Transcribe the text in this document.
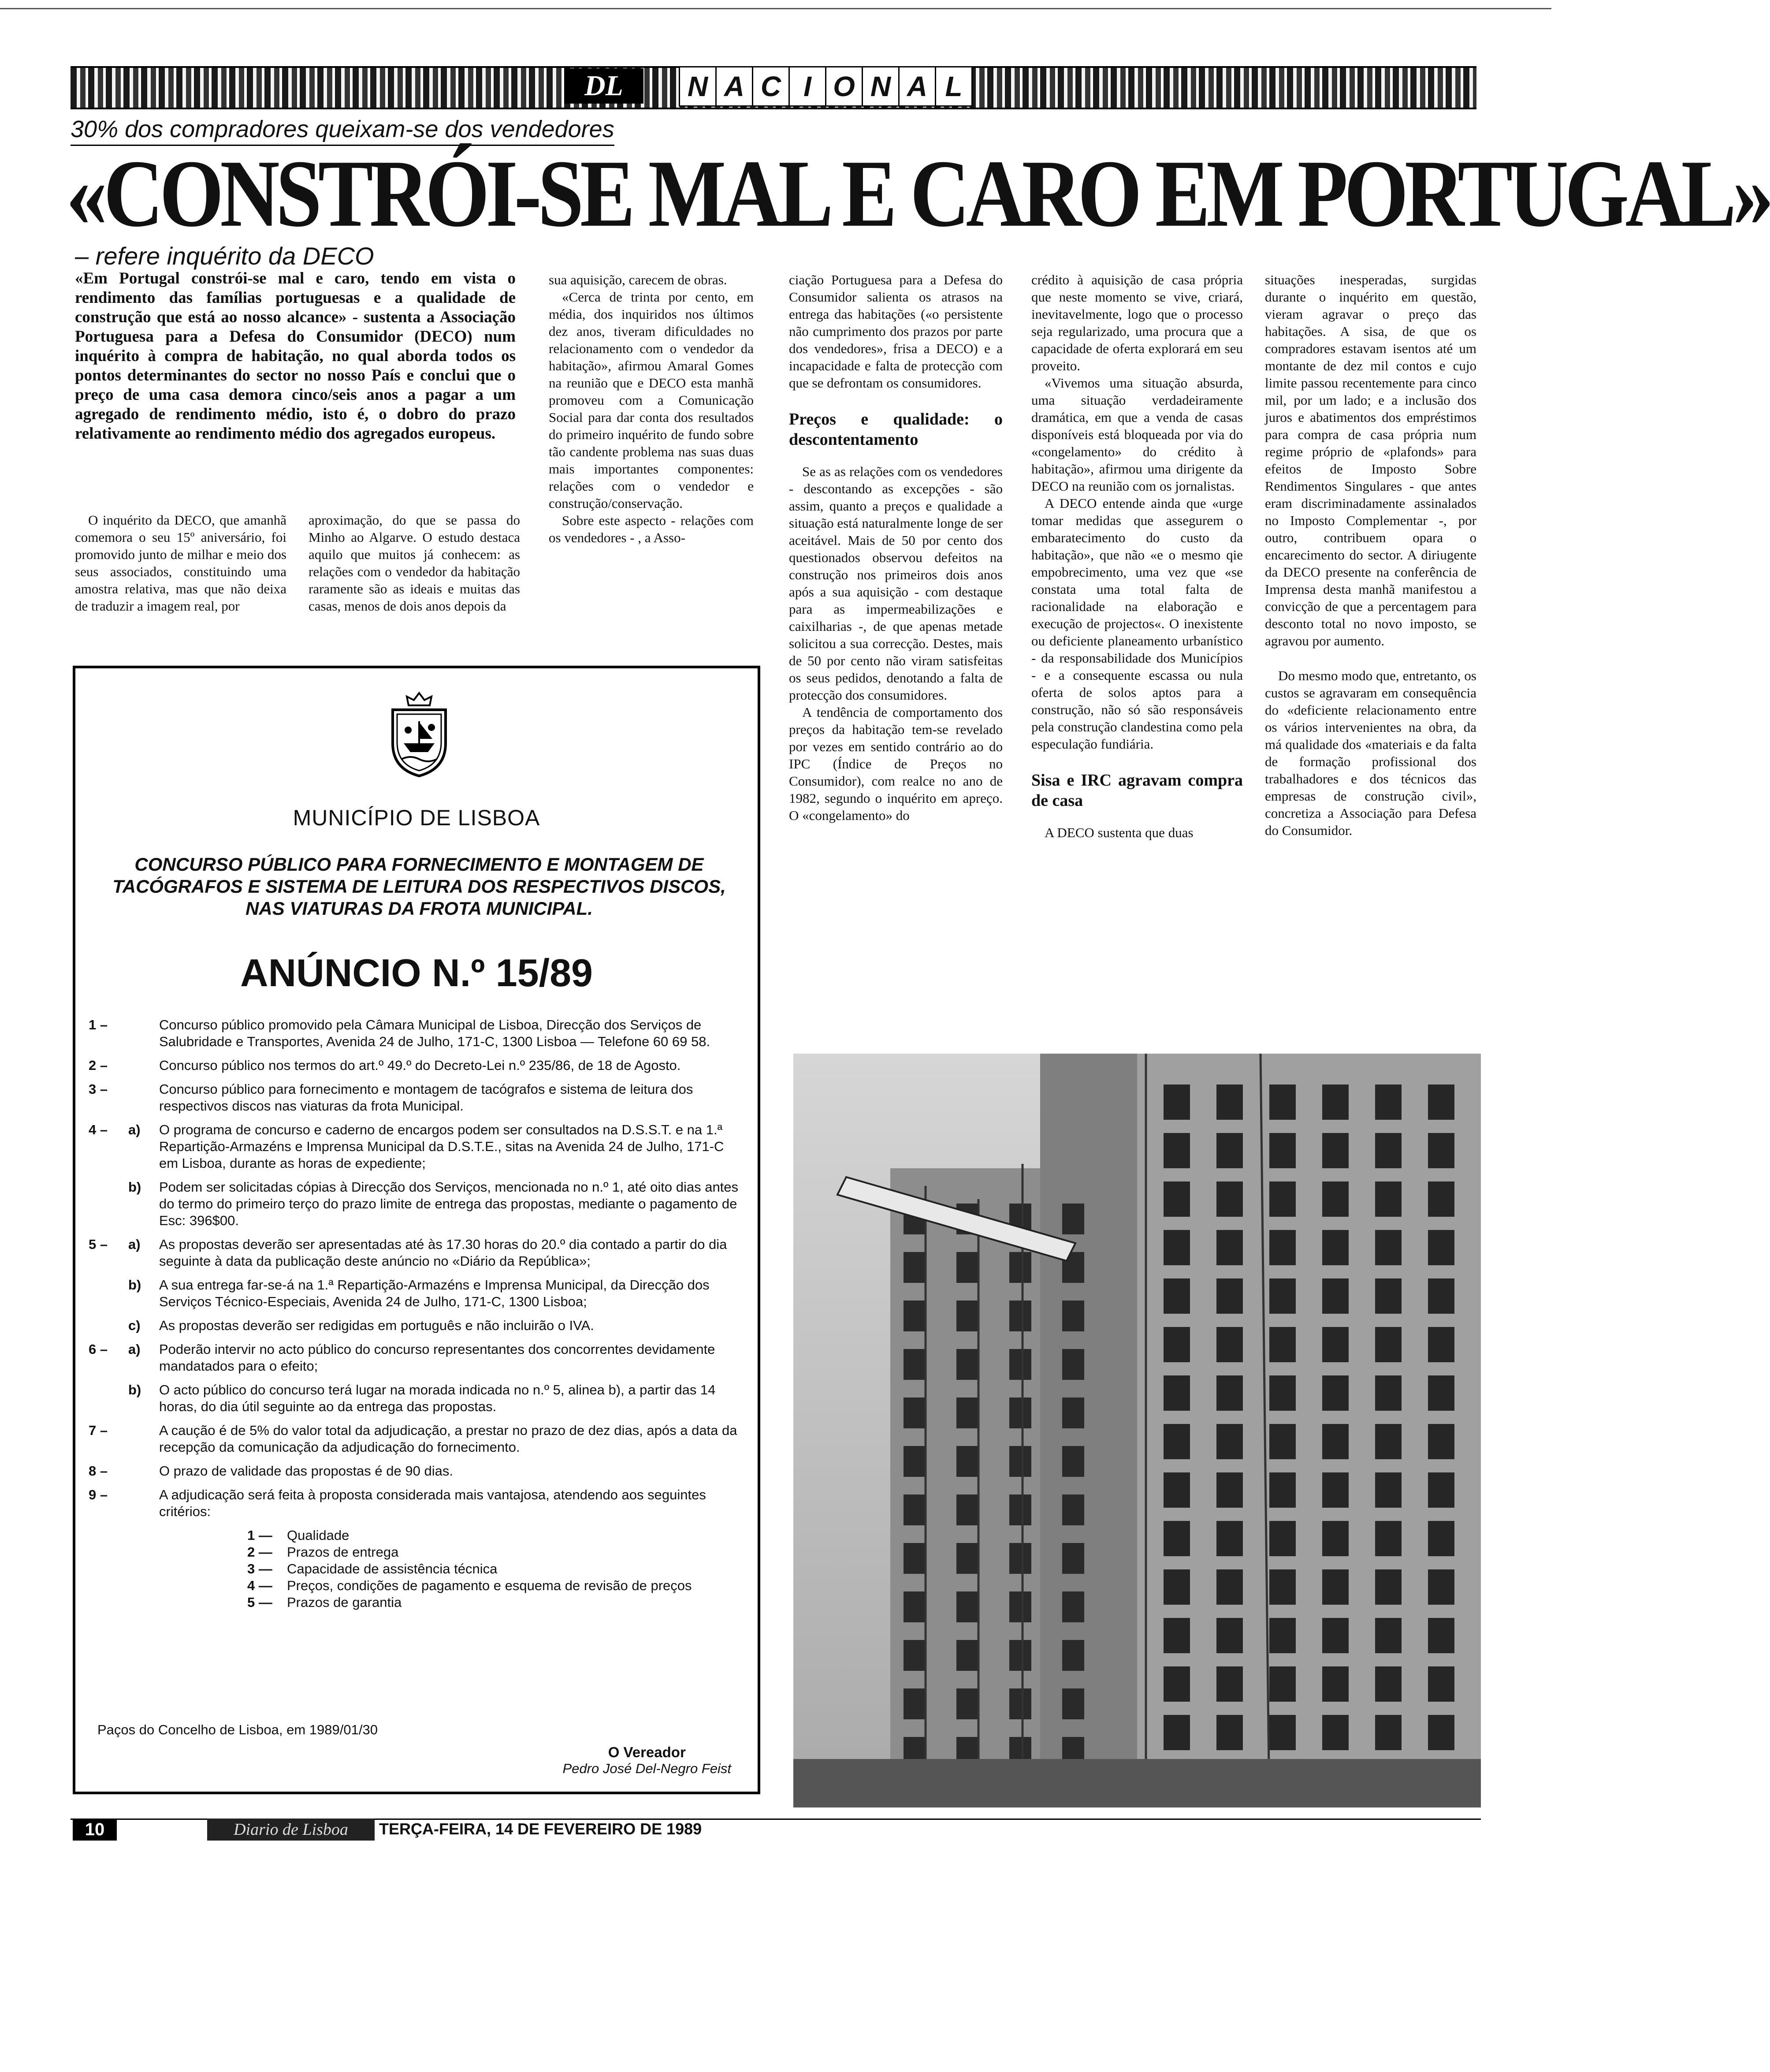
DL	N A C I O N A L
30% dos compradores queixam-se dos vendedores
«CONSTRÓI-SE MAL E CARO EM PORTUGAL»
– refere inquérito da DECO
«Em Portugal constrói-se mal e caro, tendo em vista o rendimento das famílias portuguesas e a qualidade de construção que está ao nosso alcance» - sustenta a Associação Portuguesa para a Defesa do Consumidor (DECO) num inquérito à compra de habitação, no qual aborda todos os pontos determinantes do sector no nosso País e conclui que o preço de uma casa demora cinco/seis anos a pagar a um agregado de rendimento médio, isto é, o dobro do prazo relativamente ao rendimento médio dos agregados europeus.

O inquérito da DECO, que amanhã comemora o seu 15º aniversário, foi promovido junto de milhar e meio dos seus associados, constituindo uma amostra relativa, mas que não deixa de traduzir a imagem real, por

aproximação, do que se passa do Minho ao Algarve. O estudo destaca aquilo que muitos já conhecem: as relações com o vendedor da habitação raramente são as ideais e muitas das casas, menos de dois anos depois da

sua aquisição, carecem de obras.

«Cerca de trinta por cento, em média, dos inquiridos nos últimos dez anos, tiveram dificuldades no relacionamento com o vendedor da habitação», afirmou Amaral Gomes na reunião que e DECO esta manhã promoveu com a Comunicação Social para dar conta dos resultados do primeiro inquérito de fundo sobre tão candente problema nas suas duas mais importantes componentes: relações com o vendedor e construção/conservação.

Sobre este aspecto - relações com os vendedores - , a Asso-

ciação Portuguesa para a Defesa do Consumidor salienta os atrasos na entrega das habitações («o persistente não cumprimento dos prazos por parte dos vendedores», frisa a DECO) e a incapacidade e falta de protecção com que se defrontam os consumidores.

Preços e qualidade: o descontentamento

Se as as relações com os vendedores - descontando as excepções - são assim, quanto a preços e qualidade a situação está naturalmente longe de ser aceitável. Mais de 50 por cento dos questionados observou defeitos na construção nos primeiros dois anos após a sua aquisição - com destaque para as impermeabilizações e caixilharias -, de que apenas metade solicitou a sua correcção. Destes, mais de 50 por cento não viram satisfeitas os seus pedidos, denotando a falta de protecção dos consumidores.

A tendência de comportamento dos preços da habitação tem-se revelado por vezes em sentido contrário ao do IPC (Índice de Preços no Consumidor), com realce no ano de 1982, segundo o inquérito em apreço. O «congelamento» do

crédito à aquisição de casa própria que neste momento se vive, criará, inevitavelmente, logo que o processo seja regularizado, uma procura que a capacidade de oferta explorará em seu proveito.

«Vivemos uma situação absurda, uma situação verdadeiramente dramática, em que a venda de casas disponíveis está bloqueada por via do «congelamento» do crédito à habitação», afirmou uma dirigente da DECO na reunião com os jornalistas.

A DECO entende ainda que «urge tomar medidas que assegurem o embaratecimento do custo da habitação», que não «e o mesmo qie empobrecimento, uma vez que «se constata uma total falta de racionalidade na elaboração e execução de projectos«. O inexistente ou deficiente planeamento urbanístico - da responsabilidade dos Municípios - e a consequente escassa ou nula oferta de solos aptos para a construção, não só são responsáveis pela construção clandestina como pela especulação fundiária.

Sisa e IRC agravam compra de casa

A DECO sustenta que duas

situações inesperadas, surgidas durante o inquérito em questão, vieram agravar o preço das habitações. A sisa, de que os compradores estavam isentos até um montante de dez mil contos e cujo limite passou recentemente para cinco mil, por um lado; e a inclusão dos juros e abatimentos dos empréstimos para compra de casa própria num regime próprio de «plafonds» para efeitos de Imposto Sobre Rendimentos Singulares - que antes eram discriminadamente assinalados no Imposto Complementar -, por outro, contribuem opara o encarecimento do sector. A diriugente da DECO presente na conferência de Imprensa desta manhã manifestou a convicção de que a percentagem para desconto total no novo imposto, se agravou por aumento.

Do mesmo modo que, entretanto, os custos se agravaram em consequência do «deficiente relacionamento entre os vários intervenientes na obra, da má qualidade dos «materiais e da falta de formação profissional dos trabalhadores e dos técnicos das empresas de construção civil», concretiza a Associação para Defesa do Consumidor.

MUNICÍPIO DE LISBOA
CONCURSO PÚBLICO PARA FORNECIMENTO E MONTAGEM DE TACÓGRAFOS E SISTEMA DE LEITURA DOS RESPECTIVOS DISCOS, NAS VIATURAS DA FROTA MUNICIPAL.
ANÚNCIO N.º 15/89
1 –	Concurso público promovido pela Câmara Municipal de Lisboa, Direcção dos Serviços de Salubridade e Transportes, Avenida 24 de Julho, 171-C, 1300 Lisboa — Telefone 60 69 58.
2 –	Concurso público nos termos do art.º 49.º do Decreto-Lei n.º 235/86, de 18 de Agosto.
3 –	Concurso público para fornecimento e montagem de tacógrafos e sistema de leitura dos respectivos discos nas viaturas da frota Municipal.
4 –	a)	O programa de concurso e caderno de encargos podem ser consultados na D.S.S.T. e na 1.ª Repartição-Armazéns e Imprensa Municipal da D.S.T.E., sitas na Avenida 24 de Julho, 171-C em Lisboa, durante as horas de expediente;
b)	Podem ser solicitadas cópias à Direcção dos Serviços, mencionada no n.º 1, até oito dias antes do termo do primeiro terço do prazo limite de entrega das propostas, mediante o pagamento de Esc: 396$00.
5 –	a)	As propostas deverão ser apresentadas até às 17.30 horas do 20.º dia contado a partir do dia seguinte à data da publicação deste anúncio no «Diário da República»;
b)	A sua entrega far-se-á na 1.ª Repartição-Armazéns e Imprensa Municipal, da Direcção dos Serviços Técnico-Especiais, Avenida 24 de Julho, 171-C, 1300 Lisboa;
c)	As propostas deverão ser redigidas em português e não incluirão o IVA.
6 –	a)	Poderão intervir no acto público do concurso representantes dos concorrentes devidamente mandatados para o efeito;
b)	O acto público do concurso terá lugar na morada indicada no n.º 5, alinea b), a partir das 14 horas, do dia útil seguinte ao da entrega das propostas.
7 –	A caução é de 5% do valor total da adjudicação, a prestar no prazo de dez dias, após a data da recepção da comunicação da adjudicação do fornecimento.
8 –	O prazo de validade das propostas é de 90 dias.
9 –	A adjudicação será feita à proposta considerada mais vantajosa, atendendo aos seguintes critérios:
1 —	Qualidade
2 —	Prazos de entrega
3 —	Capacidade de assistência técnica
4 —	Preços, condições de pagamento e esquema de revisão de preços
5 —	Prazos de garantia
Paços do Concelho de Lisboa, em 1989/01/30
O Vereador
Pedro José Del-Negro Feist
10	Diario de Lisboa	TERÇA-FEIRA, 14 DE FEVEREIRO DE 1989
